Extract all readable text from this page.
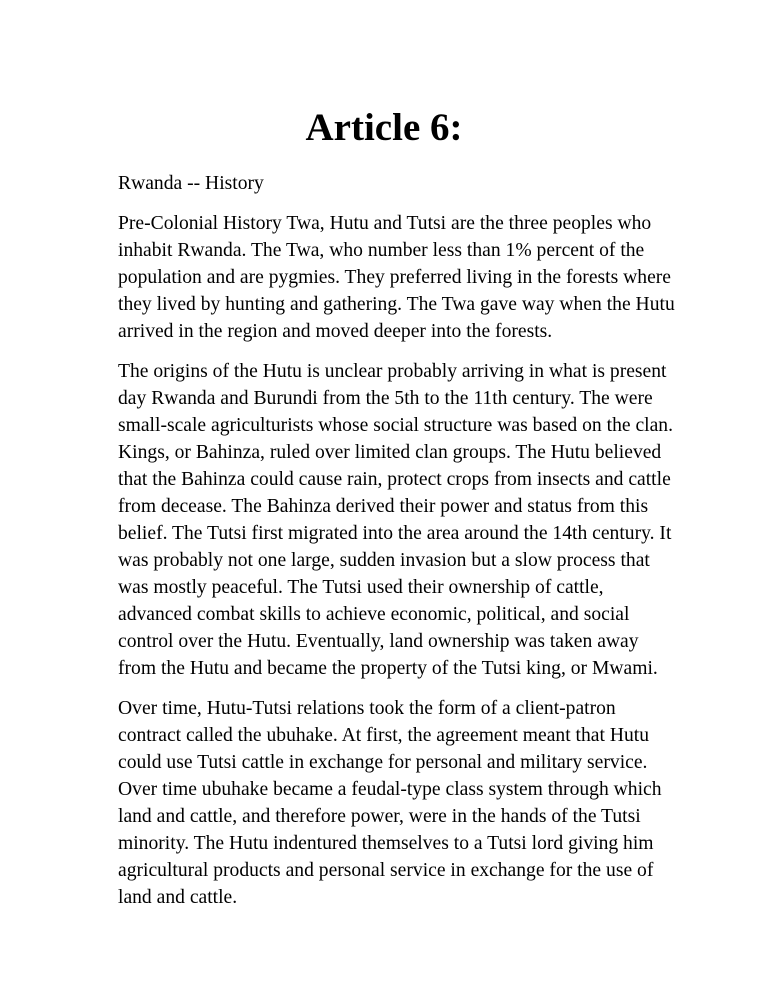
Article 6:

Rwanda -- History

Pre-Colonial History Twa, Hutu and Tutsi are the three peoples who inhabit Rwanda. The Twa, who number less than 1% percent of the population and are pygmies. They preferred living in the forests where they lived by hunting and gathering. The Twa gave way when the Hutu arrived in the region and moved deeper into the forests.

The origins of the Hutu is unclear probably arriving in what is present day Rwanda and Burundi from the 5th to the 11th century. The were small-scale agriculturists whose social structure was based on the clan. Kings, or Bahinza, ruled over limited clan groups. The Hutu believed that the Bahinza could cause rain, protect crops from insects and cattle from decease. The Bahinza derived their power and status from this belief. The Tutsi first migrated into the area around the 14th century. It was probably not one large, sudden invasion but a slow process that was mostly peaceful. The Tutsi used their ownership of cattle, advanced combat skills to achieve economic, political, and social control over the Hutu. Eventually, land ownership was taken away from the Hutu and became the property of the Tutsi king, or Mwami.

Over time, Hutu-Tutsi relations took the form of a client-patron contract called the ubuhake. At first, the agreement meant that Hutu could use Tutsi cattle in exchange for personal and military service. Over time ubuhake became a feudal-type class system through which land and cattle, and therefore power, were in the hands of the Tutsi minority. The Hutu indentured themselves to a Tutsi lord giving him agricultural products and personal service in exchange for the use of land and cattle.
